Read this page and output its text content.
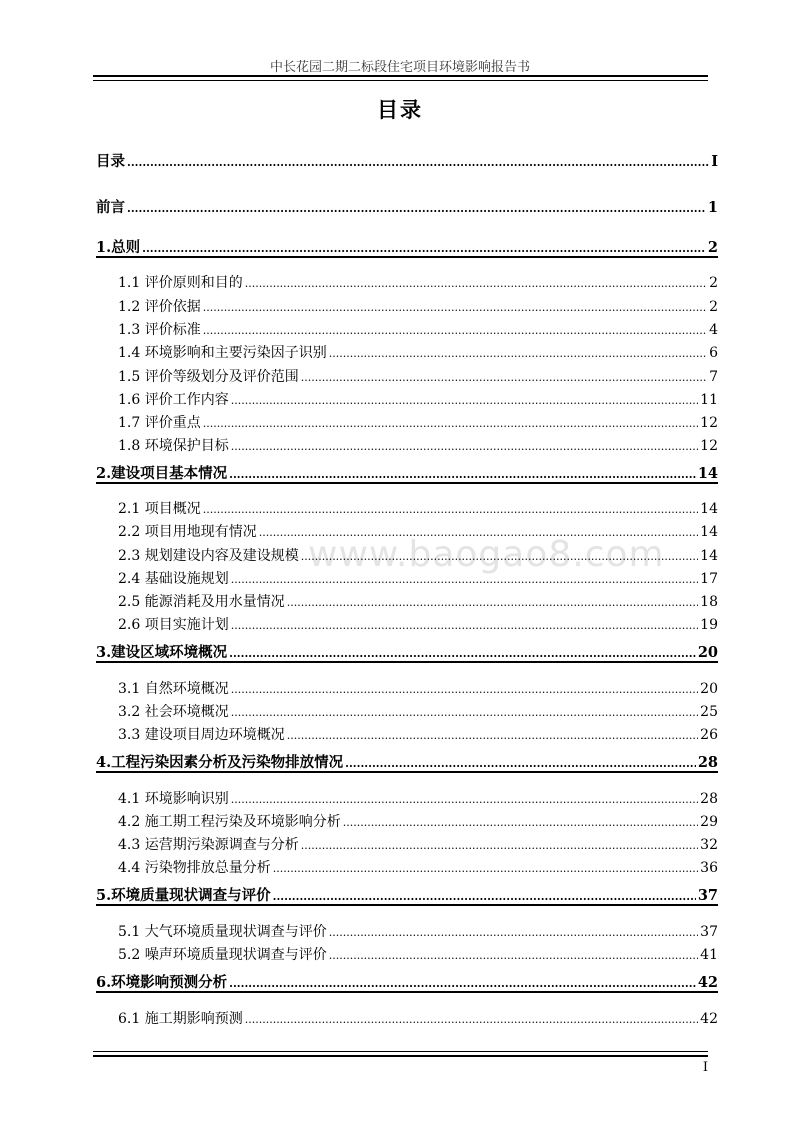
中长花园二期二标段住宅项目环境影响报告书
目录
www.baogao8.com
目录 .....	I
前言 .....	1
1.总则 .....	2
1.1 评价原则和目的 .....	2
1.2 评价依据 .....	2
1.3 评价标准 .....	4
1.4 环境影响和主要污染因子识别 .....	6
1.5 评价等级划分及评价范围 .....	7
1.6 评价工作内容 .....	11
1.7 评价重点 .....	12
1.8 环境保护目标 .....	12
2.建设项目基本情况 .....	14
2.1 项目概况 .....	14
2.2 项目用地现有情况 .....	14
2.3 规划建设内容及建设规模 .....	14
2.4 基础设施规划 .....	17
2.5 能源消耗及用水量情况 .....	18
2.6 项目实施计划 .....	19
3.建设区域环境概况 .....	20
3.1 自然环境概况 .....	20
3.2 社会环境概况 .....	25
3.3 建设项目周边环境概况 .....	26
4.工程污染因素分析及污染物排放情况 .....	28
4.1 环境影响识别 .....	28
4.2 施工期工程污染及环境影响分析 .....	29
4.3 运营期污染源调查与分析 .....	32
4.4 污染物排放总量分析 .....	36
5.环境质量现状调查与评价 .....	37
5.1 大气环境质量现状调查与评价 .....	37
5.2 噪声环境质量现状调查与评价 .....	41
6.环境影响预测分析 .....	42
6.1 施工期影响预测 .....	42
I
